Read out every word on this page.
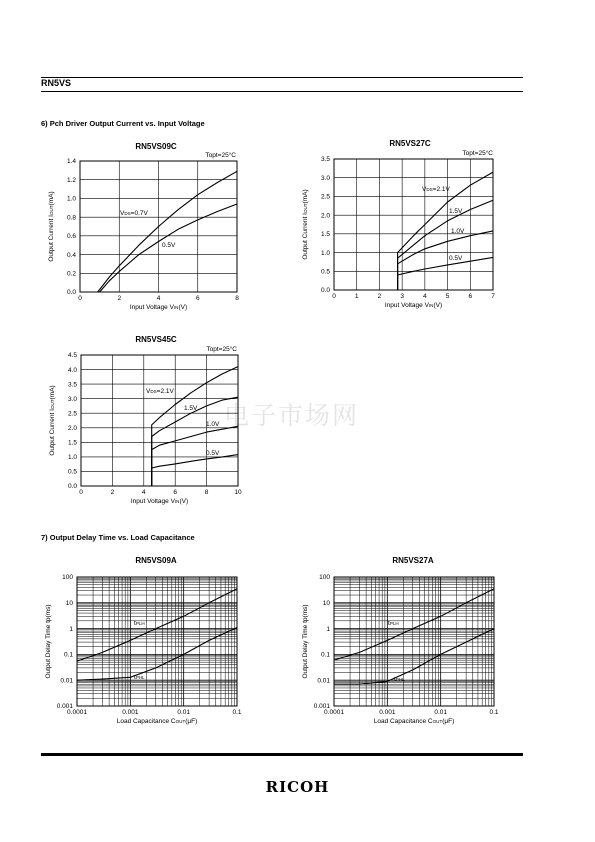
RN5VS
6) Pch Driver Output Current vs. Input Voltage
7) Output Delay Time vs. Load Capacitance
电子市场网
RN5VS09C	RN5VS27C
RN5VS45C
RN5VS09A	RN5VS27A
0	2	4	6	8
0.0
0.2
0.4
0.6
0.8
1.0
1.2
1.4
Input Voltage VIN(V)
Output Current IOUT(mA)
Topt=25°C
VDS=0.7V
0.5V
0	1	2	3	4	5	6	7
0.0
0.5
1.0
1.5
2.0
2.5
3.0
3.5
Input Voltage VIN(V)
Output Current IOUT(mA)
Topt=25°C
VDS=2.1V
1.5V
1.0V
0.5V
0	2	4	6	8	10
0.0
0.5
1.0
1.5
2.0
2.5
3.0
3.5
4.0
4.5
Input Voltage VIN(V)
Output Current IOUT(mA)
Topt=25°C
VDS=2.1V
1.5V
1.0V
0.5V
0.0001	0.001	0.01	0.1
0.001
0.01
0.1
1
10
100
Load Capacitance COUT(μF)
Output Delay Time tp(ms)	tPLH
tPHL
0.0001	0.001	0.01	0.1
0.001
0.01
0.1
1
10
100
Load Capacitance COUT(μF)
Output Delay Time tp(ms)	tPLH
tPHL
RICOH
